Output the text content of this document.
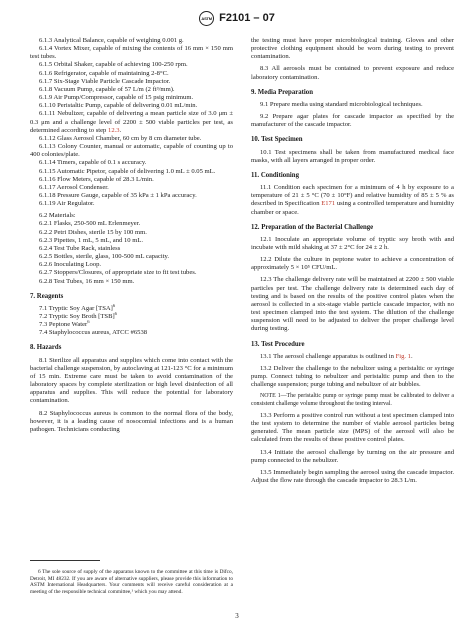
ASTM F2101 – 07

6.1.3 Analytical Balance, capable of weighing 0.001 g.

6.1.4 Vortex Mixer, capable of mixing the contents of 16 mm × 150 mm test tubes.

6.1.5 Orbital Shaker, capable of achieving 100-250 rpm.

6.1.6 Refrigerator, capable of maintaining 2-8°C.

6.1.7 Six-Stage Viable Particle Cascade Impactor.

6.1.8 Vacuum Pump, capable of 57 L/m (2 ft³/mm).

6.1.9 Air Pump/Compressor, capable of 15 psig minimum.

6.1.10 Peristaltic Pump, capable of delivering 0.01 mL/min.

6.1.11 Nebulizer, capable of delivering a mean particle size of 3.0 μm ± 0.3 μm and a challenge level of 2200 ± 500 viable particles per test, as determined according to step 12.3.

6.1.12 Glass Aerosol Chamber, 60 cm by 8 cm diameter tube.

6.1.13 Colony Counter, manual or automatic, capable of counting up to 400 colonies/plate.

6.1.14 Timers, capable of 0.1 s accuracy.

6.1.15 Automatic Pipetor, capable of delivering 1.0 mL ± 0.05 mL.

6.1.16 Flow Meters, capable of 28.3 L/min.

6.1.17 Aerosol Condenser.

6.1.18 Pressure Gauge, capable of 35 kPa ± 1 kPa accuracy.

6.1.19 Air Regulator.

6.2 Materials:

6.2.1 Flasks, 250-500 mL Erlenmeyer.

6.2.2 Petri Dishes, sterile 15 by 100 mm.

6.2.3 Pipettes, 1 mL, 5 mL, and 10 mL.

6.2.4 Test Tube Rack, stainless

6.2.5 Bottles, sterile, glass, 100-500 mL capacity.

6.2.6 Inoculating Loop.

6.2.7 Stoppers/Closures, of appropriate size to fit test tubes.

6.2.8 Test Tubes, 16 mm × 150 mm.

7. Reagents

7.1 Tryptic Soy Agar [TSA]$^6$

7.2 Tryptic Soy Broth [TSB]$^6$

7.3 Peptone Water$^6$

7.4 Staphylococcus aureus, ATCC #6538

8. Hazards

8.1 Sterilize all apparatus and supplies which come into contact with the bacterial challenge suspension, by autoclaving at 121-123 °C for a minimum of 15 min. Extreme care must be taken to avoid contamination of the laboratory spaces by complete sterilization or high level disinfection of all apparatus and supplies. This will reduce the potential for laboratory contamination.

8.2 Staphylococcus aureus is common to the normal flora of the body, however, it is a leading cause of nosocomial infections and is a human pathogen. Technicians conducting

6 The sole source of supply of the apparatus known to the committee at this time is Difco, Detroit, MI 48232. If you are aware of alternative suppliers, please provide this information to ASTM International Headquarters. Your comments will receive careful consideration at a meeting of the responsible technical committee,¹ which you may attend.

the testing must have proper microbiological training. Gloves and other protective clothing equipment should be worn during testing to prevent contamination.

8.3 All aerosols must be contained to prevent exposure and reduce laboratory contamination.

9. Media Preparation

9.1 Prepare media using standard microbiological techniques.

9.2 Prepare agar plates for cascade impactor as specified by the manufacturer of the cascade impactor.

10. Test Specimen

10.1 Test specimens shall be taken from manufactured medical face masks, with all layers arranged in proper order.

11. Conditioning

11.1 Condition each specimen for a minimum of 4 h by exposure to a temperature of 21 ± 5 °C (70 ± 10°F) and relative humidity of 85 ± 5 % as described in Specification E171 using a controlled temperature and humidity chamber or space.

12. Preparation of the Bacterial Challenge

12.1 Inoculate an appropriate volume of tryptic soy broth with and incubate with mild shaking at 37 ± 2°C for 24 ± 2 h.

12.2 Dilute the culture in peptone water to achieve a concentration of approximately 5 × 10⁵ CFU/mL.

12.3 The challenge delivery rate will be maintained at 2200 ± 500 viable particles per test. The challenge delivery rate is determined each day of testing and is based on the results of the positive control plates when the aerosol is collected in a six-stage viable particle cascade impactor, with no test specimen clamped into the test system. The dilution of the challenge suspension will need to be adjusted to deliver the proper challenge level during testing.

13. Test Procedure

13.1 The aerosol challenge apparatus is outlined in Fig. 1.

13.2 Deliver the challenge to the nebulizer using a peristaltic or syringe pump. Connect tubing to nebulizer and peristaltic pump and then to the challenge suspension; purge tubing and nebulizer of air bubbles.

NOTE 1—The peristaltic pump or syringe pump must be calibrated to deliver a consistent challenge volume throughout the testing interval.

13.3 Perform a positive control run without a test specimen clamped into the test system to determine the number of viable aerosol particles being generated. The mean particle size (MPS) of the aerosol will also be calculated from the results of these positive control plates.

13.4 Initiate the aerosol challenge by turning on the air pressure and pump connected to the nebulizer.

13.5 Immediately begin sampling the aerosol using the cascade impactor. Adjust the flow rate through the cascade impactor to 28.3 L/m.

3
